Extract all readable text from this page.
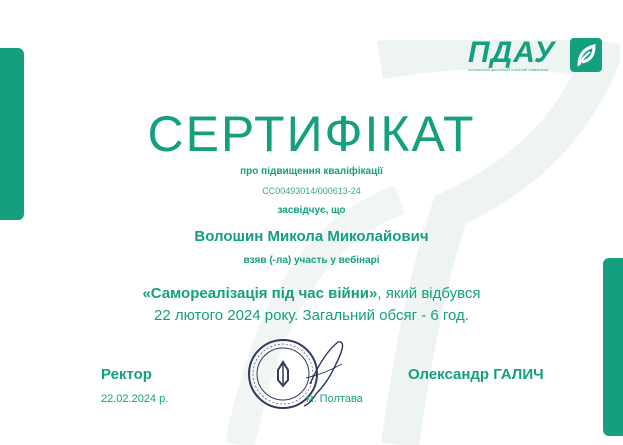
ПДАУ
ПОЛТАВСЬКИЙ ДЕРЖАВНИЙ АГРАРНИЙ УНІВЕРСИТЕТ
СЕРТИФІКАТ
про підвищення кваліфікації
СС00493014/000613-24
засвідчує, що
Волошин Микола Миколайович
взяв (-ла) участь у вебінарі
«Самореалізація під час війни», який відбувся
22 лютого 2024 року. Загальний обсяг - 6 год.
Ректор
22.02.2024 р.
Олександр ГАЛИЧ
м. Полтава
